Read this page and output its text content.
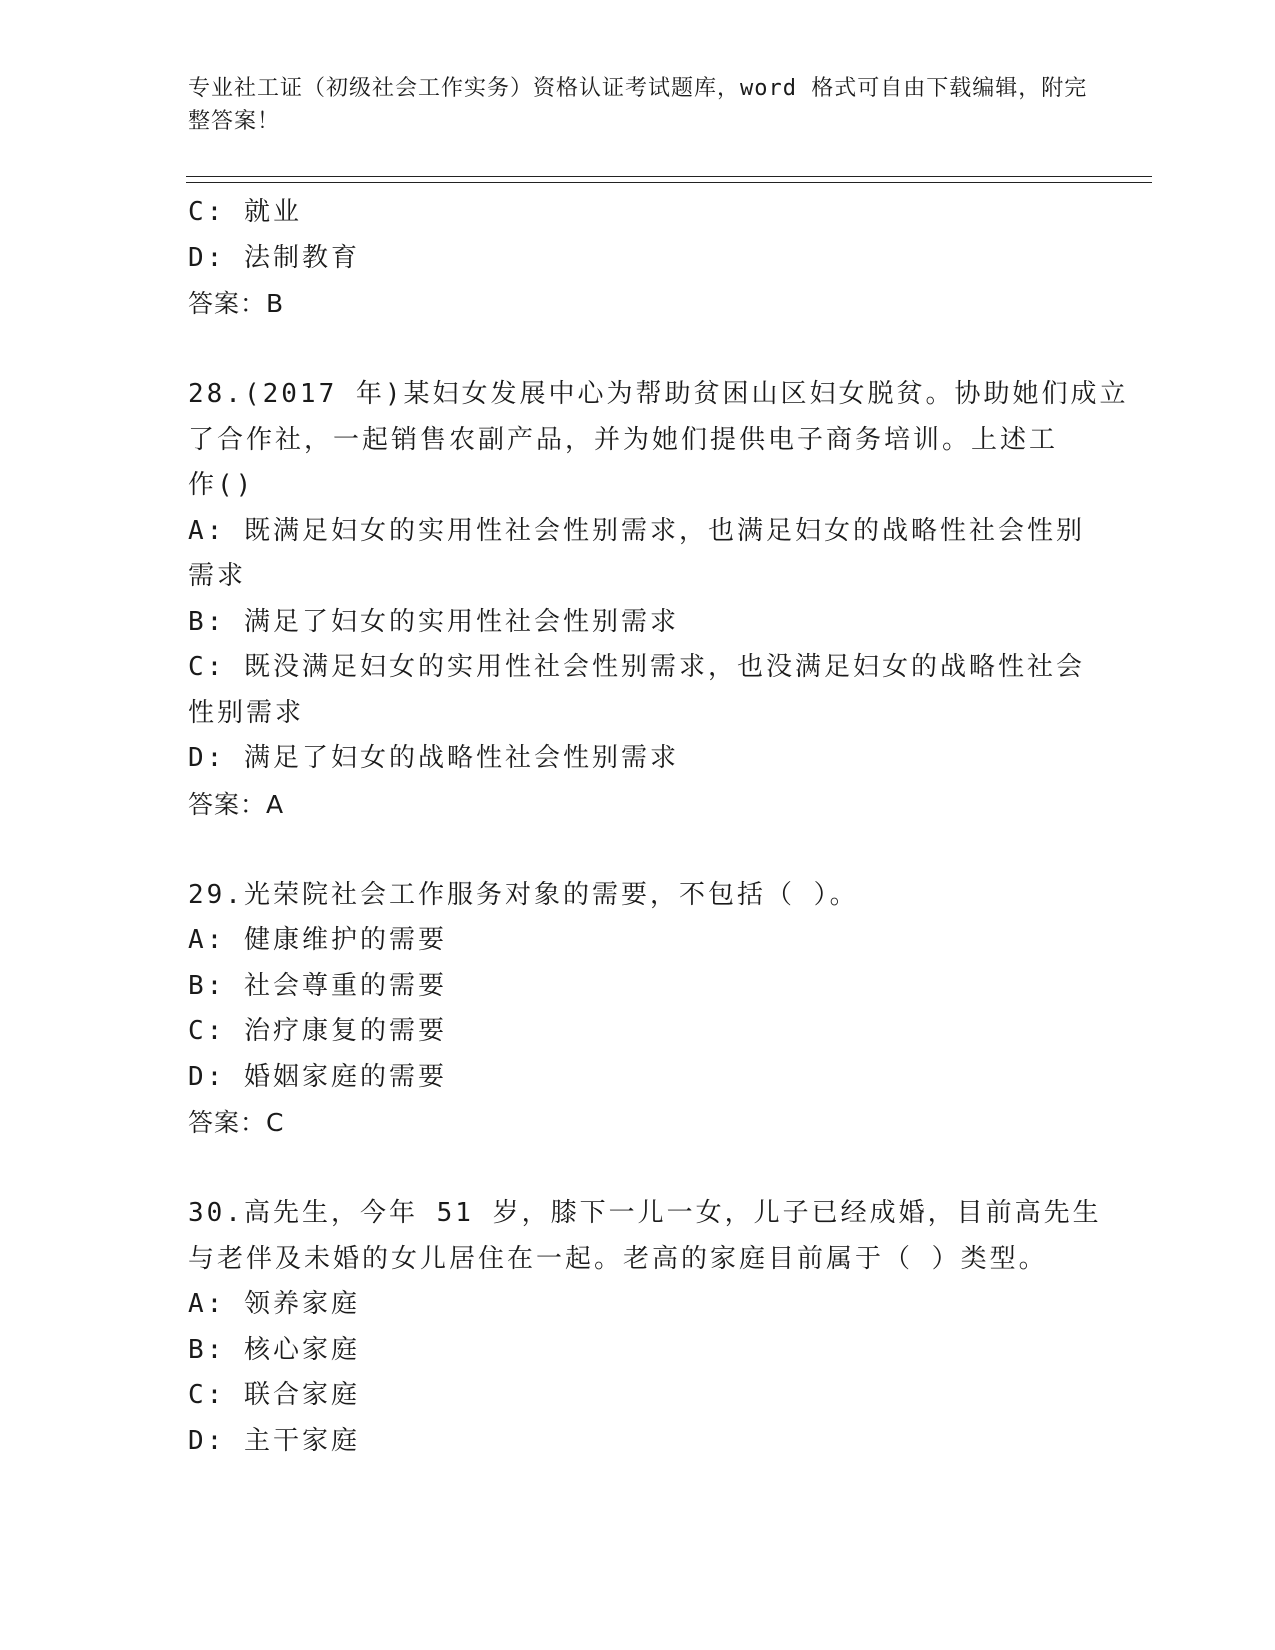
专业社工证（初级社会工作实务）资格认证考试题库，word 格式可自由下载编辑，附完整答案！
C: 就业
D: 法制教育
答案：B
28.(2017 年)某妇女发展中心为帮助贫困山区妇女脱贫。协助她们成立
了合作社，一起销售农副产品，并为她们提供电子商务培训。上述工
作()
A: 既满足妇女的实用性社会性别需求，也满足妇女的战略性社会性别
需求
B: 满足了妇女的实用性社会性别需求
C: 既没满足妇女的实用性社会性别需求，也没满足妇女的战略性社会
性别需求
D: 满足了妇女的战略性社会性别需求
答案：A
29.光荣院社会工作服务对象的需要，不包括（ ）。
A: 健康维护的需要
B: 社会尊重的需要
C: 治疗康复的需要
D: 婚姻家庭的需要
答案：C
30.高先生，今年 51 岁，膝下一儿一女，儿子已经成婚，目前高先生
与老伴及未婚的女儿居住在一起。老高的家庭目前属于（ ）类型。
A: 领养家庭
B: 核心家庭
C: 联合家庭
D: 主干家庭
